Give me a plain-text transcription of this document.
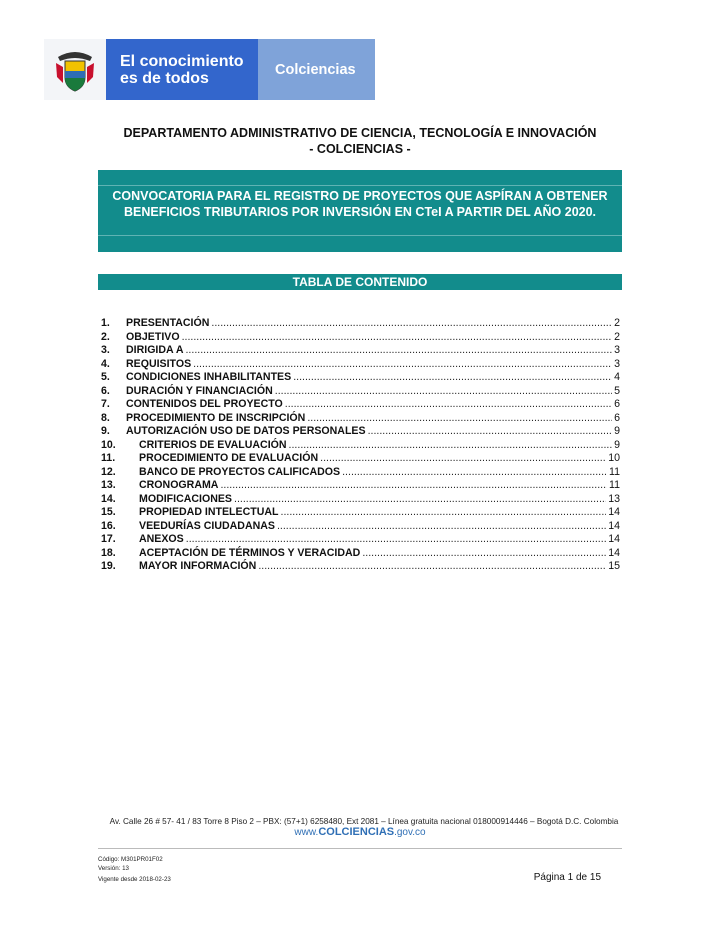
El conocimiento
es de todos	Colciencias
DEPARTAMENTO ADMINISTRATIVO DE CIENCIA, TECNOLOGÍA E INNOVACIÓN
- COLCIENCIAS -
CONVOCATORIA PARA EL REGISTRO DE PROYECTOS QUE ASPÍRAN A OBTENER BENEFICIOS TRIBUTARIOS POR INVERSIÓN EN CTeI A PARTIR DEL AÑO 2020.
TABLA DE CONTENIDO
1.	PRESENTACIÓN .....	2
2.	OBJETIVO .....	2
3.	DIRIGIDA A .....	3
4.	REQUISITOS .....	3
5.	CONDICIONES INHABILITANTES .....	4
6.	DURACIÓN Y FINANCIACIÓN .....	5
7.	CONTENIDOS DEL PROYECTO .....	6
8.	PROCEDIMIENTO DE INSCRIPCIÓN .....	6
9.	AUTORIZACIÓN USO DE DATOS PERSONALES .....	9
10.	CRITERIOS DE EVALUACIÓN .....	9
11.	PROCEDIMIENTO DE EVALUACIÓN .....	10
12.	BANCO DE PROYECTOS CALIFICADOS .....	11
13.	CRONOGRAMA .....	11
14.	MODIFICACIONES .....	13
15.	PROPIEDAD INTELECTUAL .....	14
16.	VEEDURÍAS CIUDADANAS .....	14
17.	ANEXOS .....	14
18.	ACEPTACIÓN DE TÉRMINOS Y VERACIDAD .....	14
19.	MAYOR INFORMACIÓN .....	15
Av. Calle 26 # 57- 41 / 83 Torre 8 Piso 2 – PBX: (57+1) 6258480, Ext 2081 – Línea gratuita nacional 018000914446 – Bogotá D.C. Colombia
www.COLCIENCIAS.gov.co
Código: M301PR01F02
Versión: 13
Vigente desde 2018-02-23	Página 1 de 15
